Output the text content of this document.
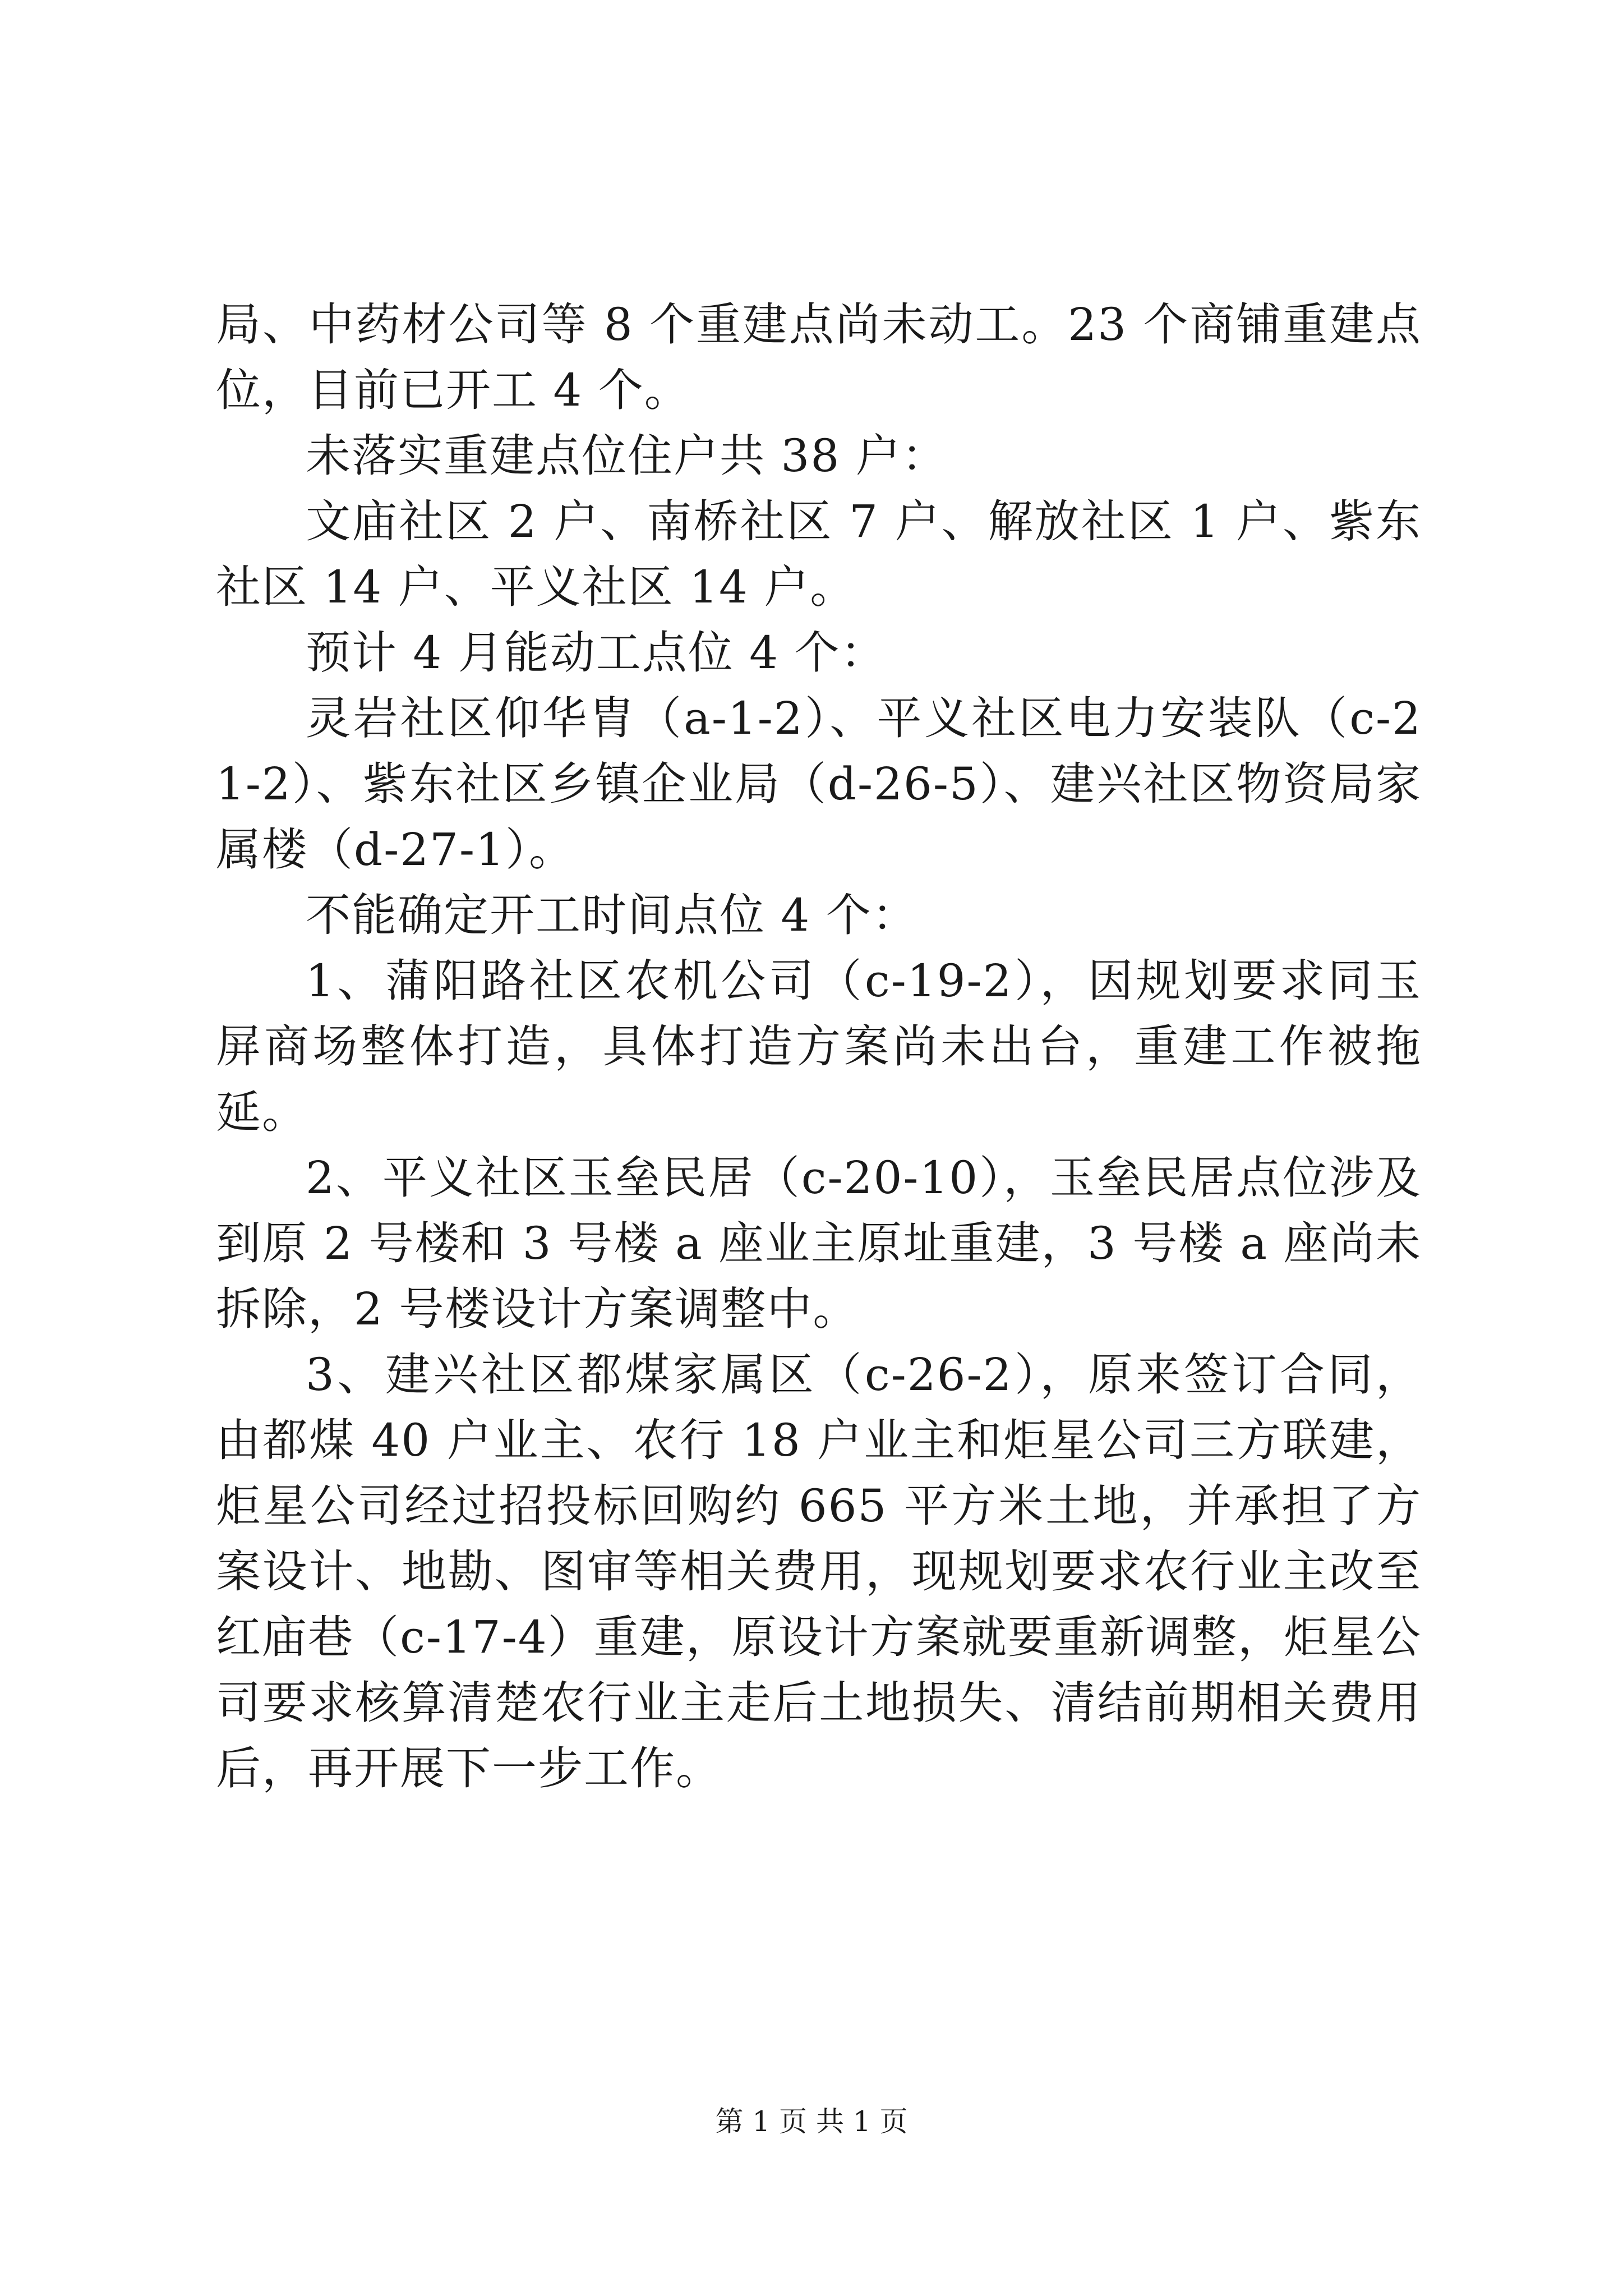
局、中药材公司等 8 个重建点尚未动工。23 个商铺重建点位，目前已开工 4 个。

未落实重建点位住户共 38 户：

文庙社区 2 户、南桥社区 7 户、解放社区 1 户、紫东社区 14 户、平义社区 14 户。

预计 4 月能动工点位 4 个：

灵岩社区仰华胄（a-1-2）、平义社区电力安装队（c-21-2）、紫东社区乡镇企业局（d-26-5）、建兴社区物资局家属楼（d-27-1）。

不能确定开工时间点位 4 个：

1、蒲阳路社区农机公司（c-19-2），因规划要求同玉屏商场整体打造，具体打造方案尚未出台，重建工作被拖延。

2、平义社区玉垒民居（c-20-10），玉垒民居点位涉及到原 2 号楼和 3 号楼 a 座业主原址重建，3 号楼 a 座尚未拆除，2 号楼设计方案调整中。

3、建兴社区都煤家属区（c-26-2），原来签订合同，由都煤 40 户业主、农行 18 户业主和炬星公司三方联建，炬星公司经过招投标回购约 665 平方米土地，并承担了方案设计、地勘、图审等相关费用，现规划要求农行业主改至红庙巷（c-17-4）重建，原设计方案就要重新调整，炬星公司要求核算清楚农行业主走后土地损失、清结前期相关费用后，再开展下一步工作。

第 1 页 共 1 页
